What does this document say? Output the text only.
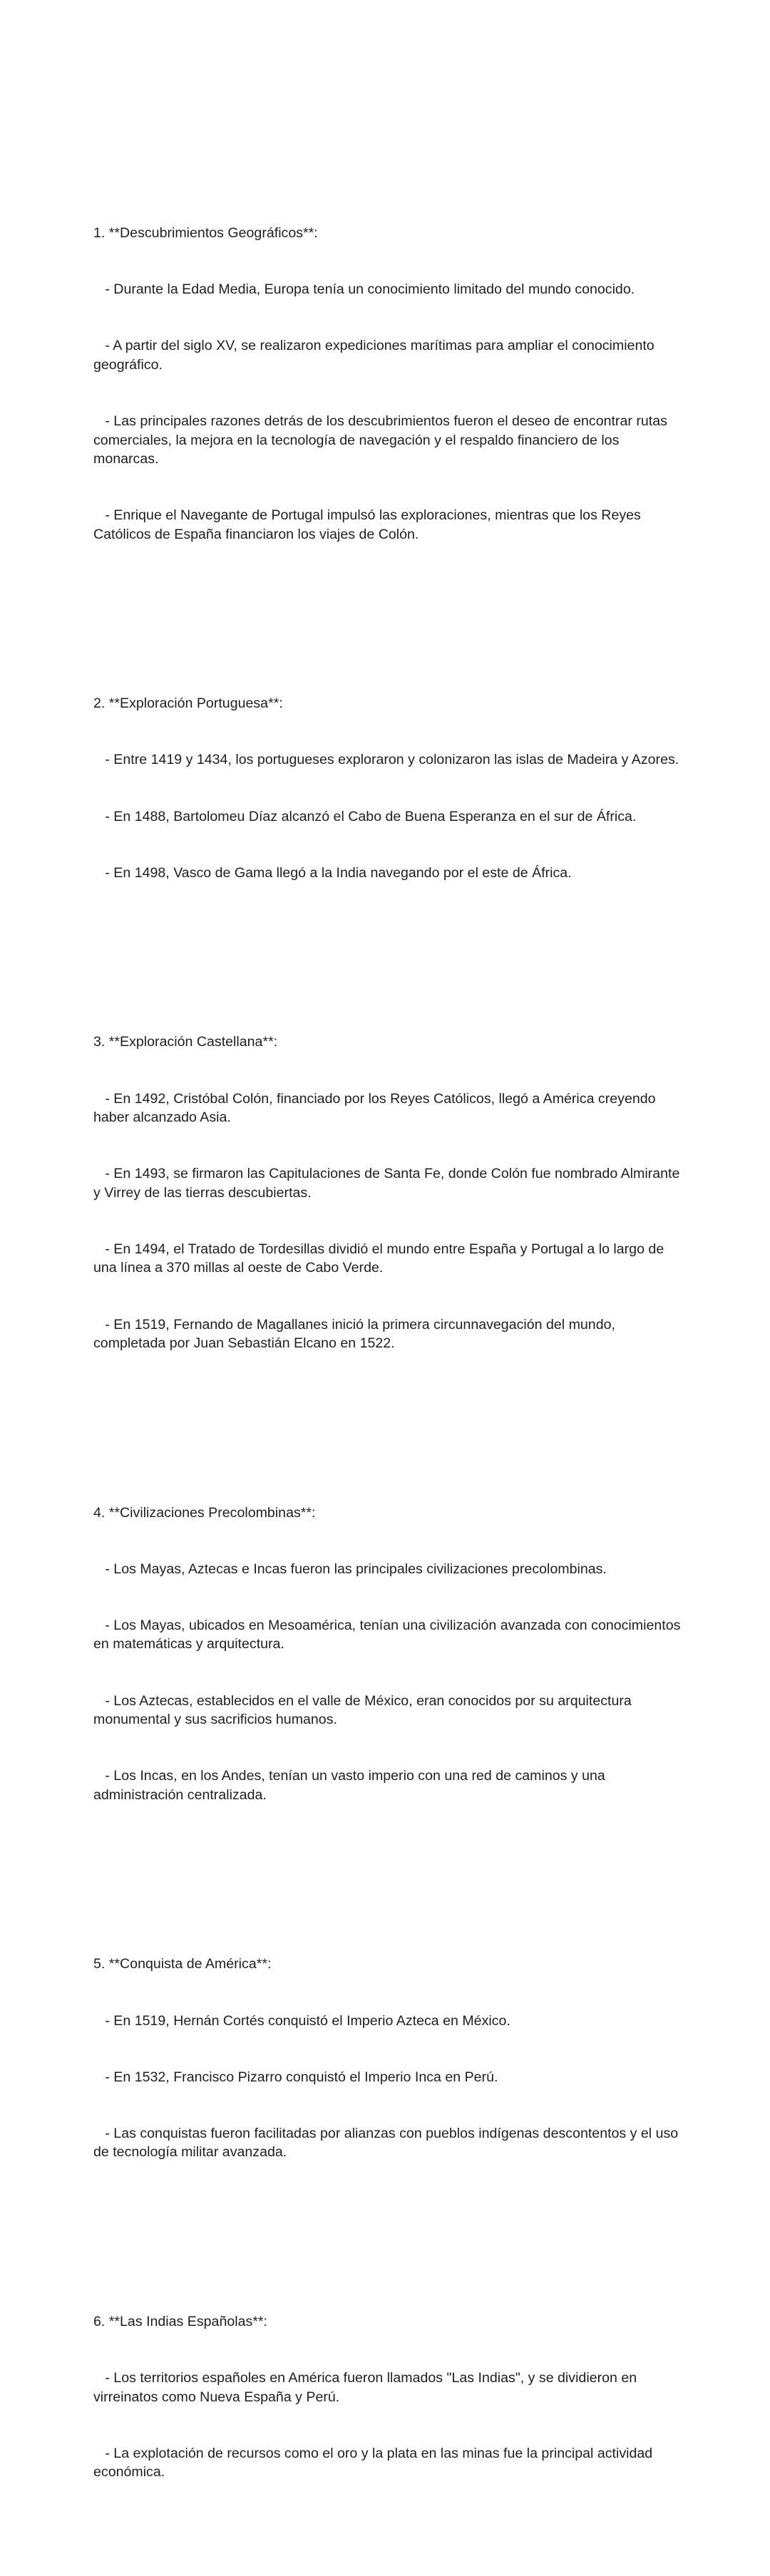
1. **Descubrimientos Geográficos**:

- Durante la Edad Media, Europa tenía un conocimiento limitado del mundo conocido.

- A partir del siglo XV, se realizaron expediciones marítimas para ampliar el conocimiento geográfico.

- Las principales razones detrás de los descubrimientos fueron el deseo de encontrar rutas comerciales, la mejora en la tecnología de navegación y el respaldo financiero de los monarcas.

- Enrique el Navegante de Portugal impulsó las exploraciones, mientras que los Reyes Católicos de España financiaron los viajes de Colón.

2. **Exploración Portuguesa**:

- Entre 1419 y 1434, los portugueses exploraron y colonizaron las islas de Madeira y Azores.

- En 1488, Bartolomeu Díaz alcanzó el Cabo de Buena Esperanza en el sur de África.

- En 1498, Vasco de Gama llegó a la India navegando por el este de África.

3. **Exploración Castellana**:

- En 1492, Cristóbal Colón, financiado por los Reyes Católicos, llegó a América creyendo haber alcanzado Asia.

- En 1493, se firmaron las Capitulaciones de Santa Fe, donde Colón fue nombrado Almirante y Virrey de las tierras descubiertas.

- En 1494, el Tratado de Tordesillas dividió el mundo entre España y Portugal a lo largo de una línea a 370 millas al oeste de Cabo Verde.

- En 1519, Fernando de Magallanes inició la primera circunnavegación del mundo, completada por Juan Sebastián Elcano en 1522.

4. **Civilizaciones Precolombinas**:

- Los Mayas, Aztecas e Incas fueron las principales civilizaciones precolombinas.

- Los Mayas, ubicados en Mesoamérica, tenían una civilización avanzada con conocimientos en matemáticas y arquitectura.

- Los Aztecas, establecidos en el valle de México, eran conocidos por su arquitectura monumental y sus sacrificios humanos.

- Los Incas, en los Andes, tenían un vasto imperio con una red de caminos y una administración centralizada.

5. **Conquista de América**:

- En 1519, Hernán Cortés conquistó el Imperio Azteca en México.

- En 1532, Francisco Pizarro conquistó el Imperio Inca en Perú.

- Las conquistas fueron facilitadas por alianzas con pueblos indígenas descontentos y el uso de tecnología militar avanzada.

6. **Las Indias Españolas**:

- Los territorios españoles en América fueron llamados "Las Indias", y se dividieron en virreinatos como Nueva España y Perú.

- La explotación de recursos como el oro y la plata en las minas fue la principal actividad económica.
